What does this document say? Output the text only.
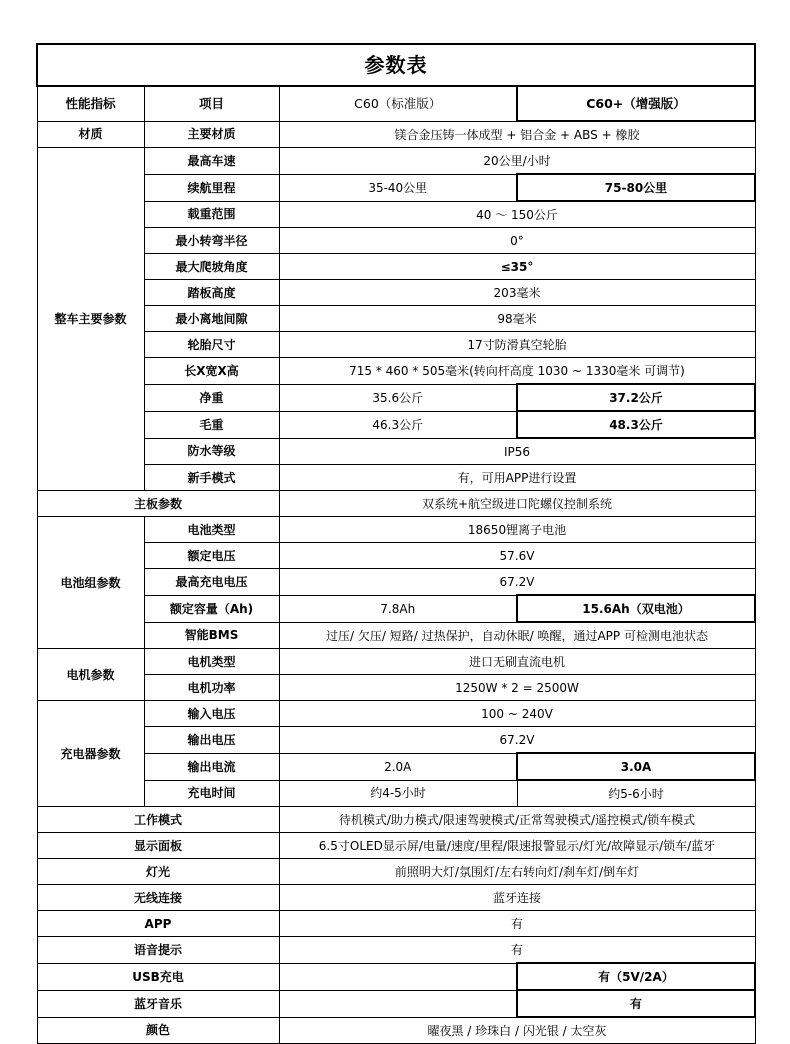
参数表			
性能指标	项目	C60（标准版）	C60+（增强版）
材质	主要材质	镁合金压铸一体成型 + 铝合金 + ABS + 橡胶	
整车主要参数	最高车速	20公里/小时	
	续航里程	35-40公里	75-80公里
	载重范围	40 ～ 150公斤	
	最小转弯半径	0°	
	最大爬坡角度	≤35°	
	踏板高度	203毫米	
	最小离地间隙	98毫米	
	轮胎尺寸	17寸防滑真空轮胎	
	长X宽X高	715 * 460 * 505毫米(转向杆高度 1030 ~ 1330毫米 可调节)	
	净重	35.6公斤	37.2公斤
	毛重	46.3公斤	48.3公斤
	防水等级	IP56	
	新手模式	有，可用APP进行设置	
主板参数		双系统+航空级进口陀螺仪控制系统	
电池组参数	电池类型	18650锂离子电池	
	额定电压	57.6V	
	最高充电电压	67.2V	
	额定容量（Ah)	7.8Ah	15.6Ah（双电池）
	智能BMS	过压/ 欠压/ 短路/ 过热保护，自动休眠/ 唤醒，通过APP 可检测电池状态	
电机参数	电机类型	进口无刷直流电机	
	电机功率	1250W * 2 = 2500W	
充电器参数	输入电压	100 ~ 240V	
	输出电压	67.2V	
	输出电流	2.0A	3.0A
	充电时间	约4-5小时	约5-6小时
工作模式		待机模式/助力模式/限速驾驶模式/正常驾驶模式/遥控模式/锁车模式	
显示面板		6.5寸OLED显示屏/电量/速度/里程/限速报警显示/灯光/故障显示/锁车/蓝牙	
灯光		前照明大灯/氛围灯/左右转向灯/刹车灯/倒车灯	
无线连接		蓝牙连接	
APP		有	
语音提示		有	
USB充电			有（5V/2A）
蓝牙音乐			有
颜色		曜夜黑 / 珍珠白 / 闪光银 / 太空灰	
